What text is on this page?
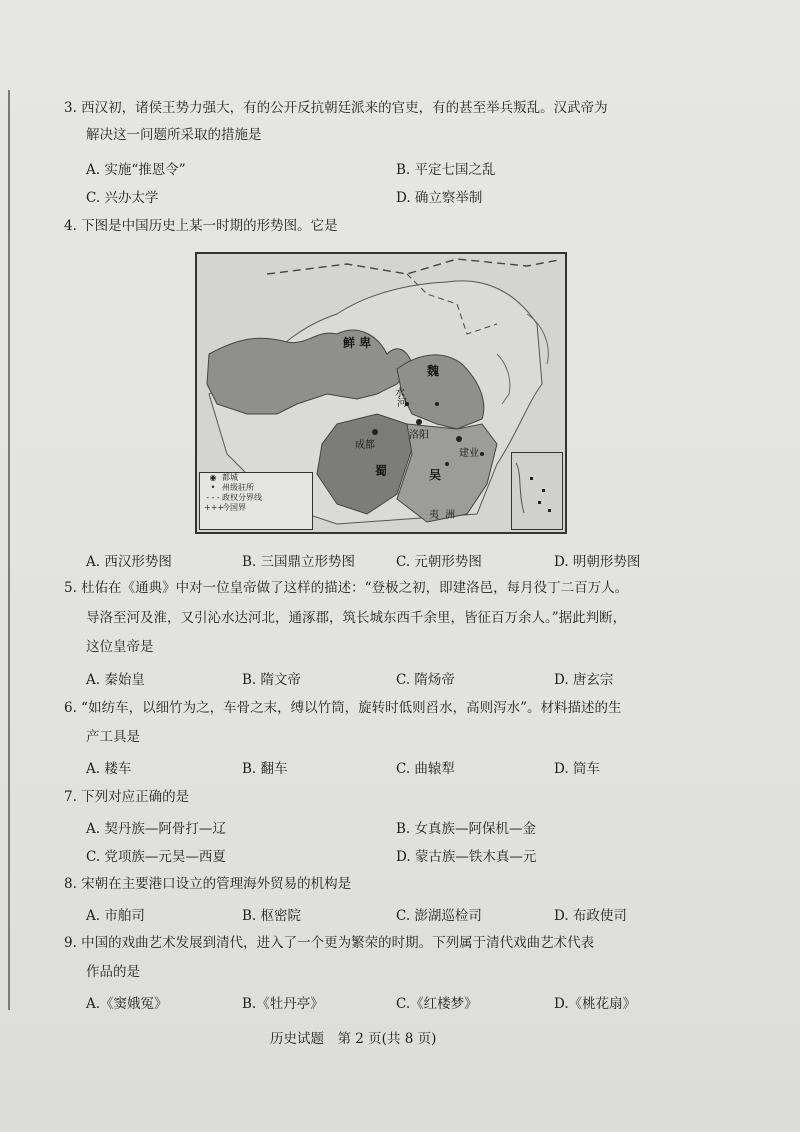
3. 西汉初，诸侯王势力强大，有的公开反抗朝廷派来的官吏，有的甚至举兵叛乱。汉武帝为
解决这一问题所采取的措施是
A. 实施“推恩令”	B. 平定七国之乱
C. 兴办太学	D. 确立察举制
4. 下图是中国历史上某一时期的形势图。它是
鲜 卑
魏
河
水
洛阳
成都
建业
蜀	吴
夷 洲
◉ 都城
• 州级驻所
- - - 政权分界线
+++
今国界
A. 西汉形势图	B. 三国鼎立形势图	C. 元朝形势图	D. 明朝形势图
5. 杜佑在《通典》中对一位皇帝做了这样的描述：“登极之初，即建洛邑，每月役丁二百万人。
导洛至河及淮，又引沁水达河北，通涿郡，筑长城东西千余里，皆征百万余人。”据此判断，
这位皇帝是
A. 秦始皇	B. 隋文帝	C. 隋炀帝	D. 唐玄宗
6. “如纺车，以细竹为之，车骨之末，缚以竹筒，旋转时低则舀水，高则泻水”。材料描述的生
产工具是
A. 耧车	B. 翻车	C. 曲辕犁	D. 筒车
7. 下列对应正确的是
A. 契丹族—阿骨打—辽	B. 女真族—阿保机—金
C. 党项族—元昊—西夏	D. 蒙古族—铁木真—元
8. 宋朝在主要港口设立的管理海外贸易的机构是
A. 市舶司	B. 枢密院	C. 澎湖巡检司	D. 布政使司
9. 中国的戏曲艺术发展到清代，进入了一个更为繁荣的时期。下列属于清代戏曲艺术代表
作品的是
A.《窦娥冤》	B.《牡丹亭》	C.《红楼梦》	D.《桃花扇》
历史试题　第 2 页(共 8 页)
